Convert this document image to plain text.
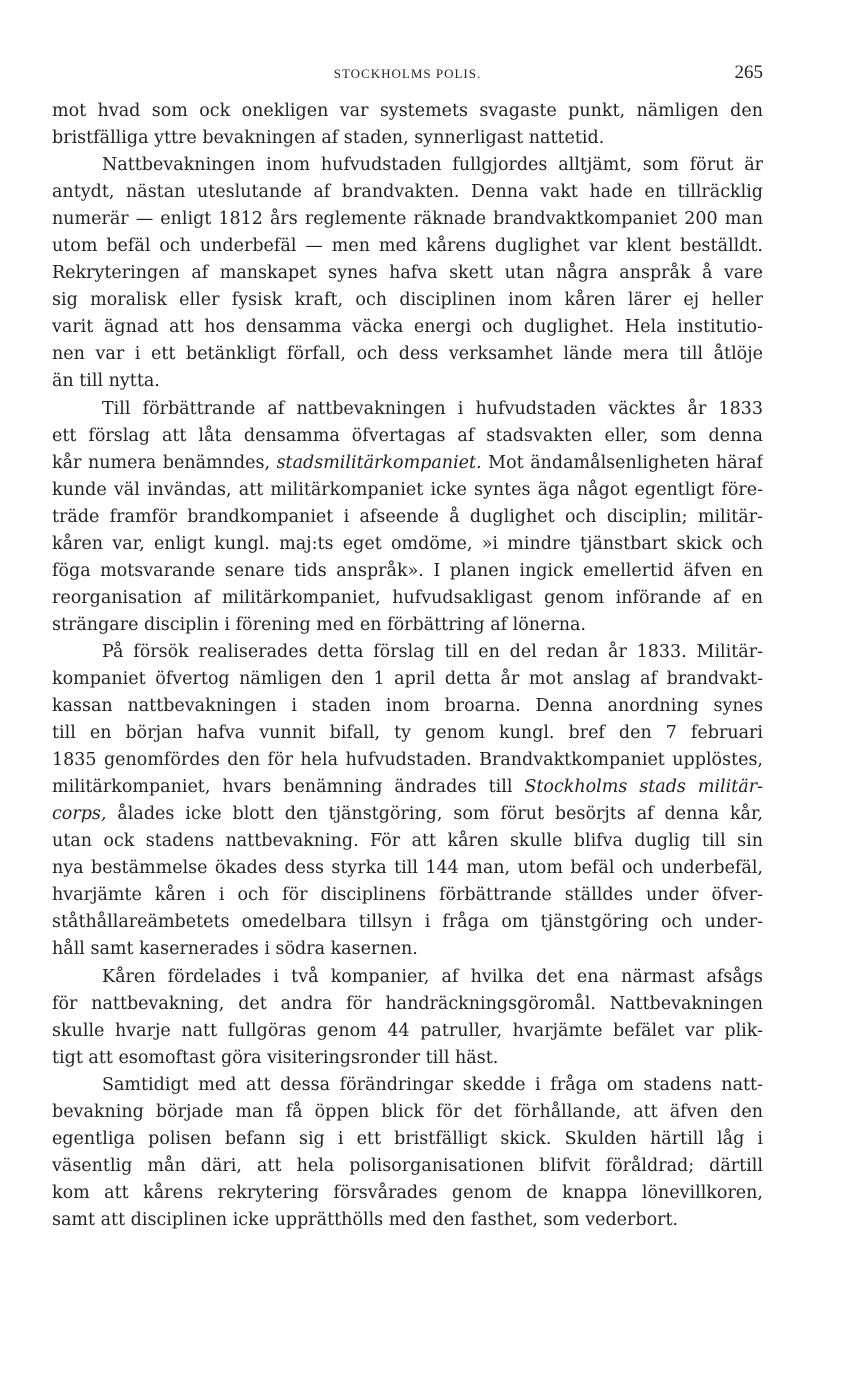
STOCKHOLMS POLIS.	265
mot hvad som ock onekligen var systemets svagaste punkt, nämligen den
bristfälliga yttre bevakningen af staden, synnerligast nattetid.
Nattbevakningen inom hufvudstaden fullgjordes alltjämt, som förut är
antydt, nästan uteslutande af brandvakten. Denna vakt hade en tillräcklig
numerär — enligt 1812 års reglemente räknade brandvaktkompaniet 200 man
utom befäl och underbefäl — men med kårens duglighet var klent beställdt.
Rekryteringen af manskapet synes hafva skett utan några anspråk å vare
sig moralisk eller fysisk kraft, och disciplinen inom kåren lärer ej heller
varit ägnad att hos densamma väcka energi och duglighet. Hela institutio-
nen var i ett betänkligt förfall, och dess verksamhet lände mera till åtlöje
än till nytta.
Till förbättrande af nattbevakningen i hufvudstaden väcktes år 1833
ett förslag att låta densamma öfvertagas af stadsvakten eller, som denna
kår numera benämndes, stadsmilitärkompaniet. Mot ändamålsenligheten häraf
kunde väl invändas, att militärkompaniet icke syntes äga något egentligt före-
träde framför brandkompaniet i afseende å duglighet och disciplin; militär-
kåren var, enligt kungl. maj:ts eget omdöme, »i mindre tjänstbart skick och
föga motsvarande senare tids anspråk». I planen ingick emellertid äfven en
reorganisation af militärkompaniet, hufvudsakligast genom införande af en
strängare disciplin i förening med en förbättring af lönerna.
På försök realiserades detta förslag till en del redan år 1833. Militär-
kompaniet öfvertog nämligen den 1 april detta år mot anslag af brandvakt-
kassan nattbevakningen i staden inom broarna. Denna anordning synes
till en början hafva vunnit bifall, ty genom kungl. bref den 7 februari
1835 genomfördes den för hela hufvudstaden. Brandvaktkompaniet upplöstes,
militärkompaniet, hvars benämning ändrades till Stockholms stads militär-
corps, ålades icke blott den tjänstgöring, som förut besörjts af denna kår,
utan ock stadens nattbevakning. För att kåren skulle blifva duglig till sin
nya bestämmelse ökades dess styrka till 144 man, utom befäl och underbefäl,
hvarjämte kåren i och för disciplinens förbättrande ställdes under öfver-
ståthållareämbetets omedelbara tillsyn i fråga om tjänstgöring och under-
håll samt kasernerades i södra kasernen.
Kåren fördelades i två kompanier, af hvilka det ena närmast afsågs
för nattbevakning, det andra för handräckningsgöromål. Nattbevakningen
skulle hvarje natt fullgöras genom 44 patruller, hvarjämte befälet var plik-
tigt att esomoftast göra visiteringsronder till häst.
Samtidigt med att dessa förändringar skedde i fråga om stadens natt-
bevakning började man få öppen blick för det förhållande, att äfven den
egentliga polisen befann sig i ett bristfälligt skick. Skulden härtill låg i
väsentlig mån däri, att hela polisorganisationen blifvit föråldrad; därtill
kom att kårens rekrytering försvårades genom de knappa lönevillkoren,
samt att disciplinen icke upprätthölls med den fasthet, som vederbort.
